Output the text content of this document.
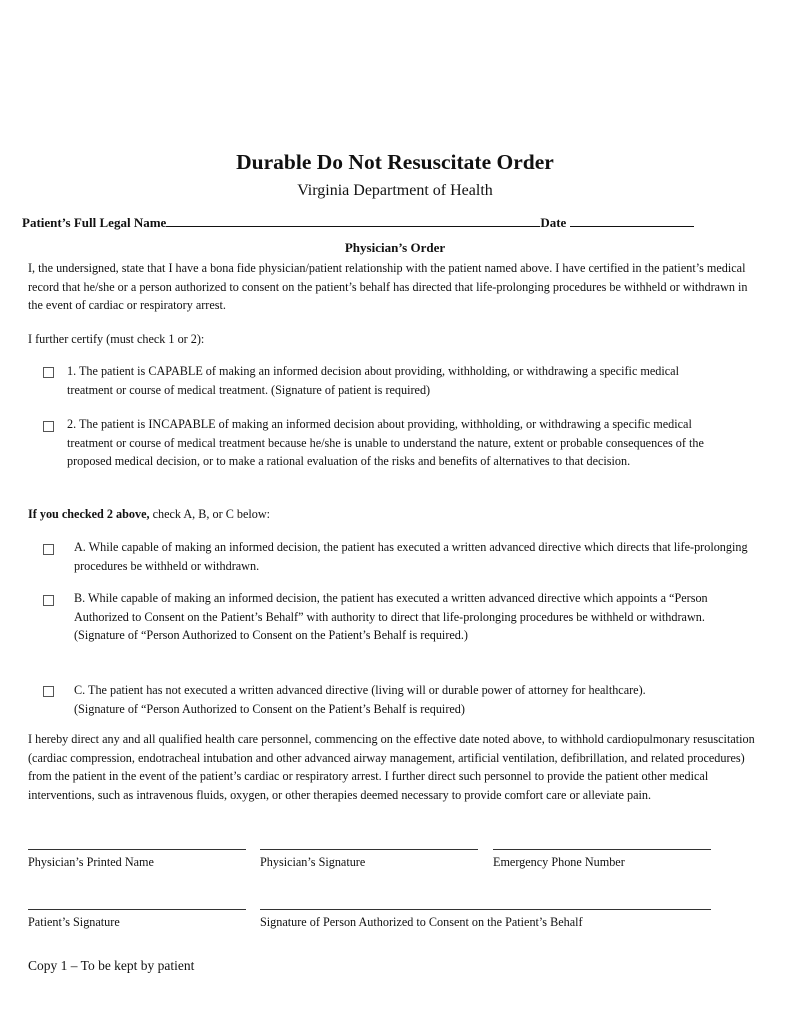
Durable Do Not Resuscitate Order
Virginia Department of Health
Patient’s Full Legal Name	Date
Physician’s Order
I, the undersigned, state that I have a bona fide physician/patient relationship with the patient named above. I have certified in the patient’s medical record that he/she or a person authorized to consent on the patient’s behalf has directed that life-prolonging procedures be withheld or withdrawn in the event of cardiac or respiratory arrest.
I further certify (must check 1 or 2):
1. The patient is CAPABLE of making an informed decision about providing, withholding, or withdrawing a specific medical treatment or course of medical treatment. (Signature of patient is required)
2. The patient is INCAPABLE of making an informed decision about providing, withholding, or withdrawing a specific medical treatment or course of medical treatment because he/she is unable to understand the nature, extent or probable consequences of the proposed medical decision, or to make a rational evaluation of the risks and benefits of alternatives to that decision.
If you checked 2 above, check A, B, or C below:
A. While capable of making an informed decision, the patient has executed a written advanced directive which directs that life-prolonging procedures be withheld or withdrawn.
B. While capable of making an informed decision, the patient has executed a written advanced directive which appoints a “Person Authorized to Consent on the Patient’s Behalf” with authority to direct that life-prolonging procedures be withheld or withdrawn. (Signature of “Person Authorized to Consent on the Patient’s Behalf is required.)
C. The patient has not executed a written advanced directive (living will or durable power of attorney for healthcare). (Signature of “Person Authorized to Consent on the Patient’s Behalf is required)
I hereby direct any and all qualified health care personnel, commencing on the effective date noted above, to withhold cardiopulmonary resuscitation (cardiac compression, endotracheal intubation and other advanced airway management, artificial ventilation, defibrillation, and related procedures) from the patient in the event of the patient’s cardiac or respiratory arrest. I further direct such personnel to provide the patient other medical interventions, such as intravenous fluids, oxygen, or other therapies deemed necessary to provide comfort care or alleviate pain.
Physician’s Printed Name	Physician’s Signature	Emergency Phone Number
Patient’s Signature	Signature of Person Authorized to Consent on the Patient’s Behalf
Copy 1 – To be kept by patient
